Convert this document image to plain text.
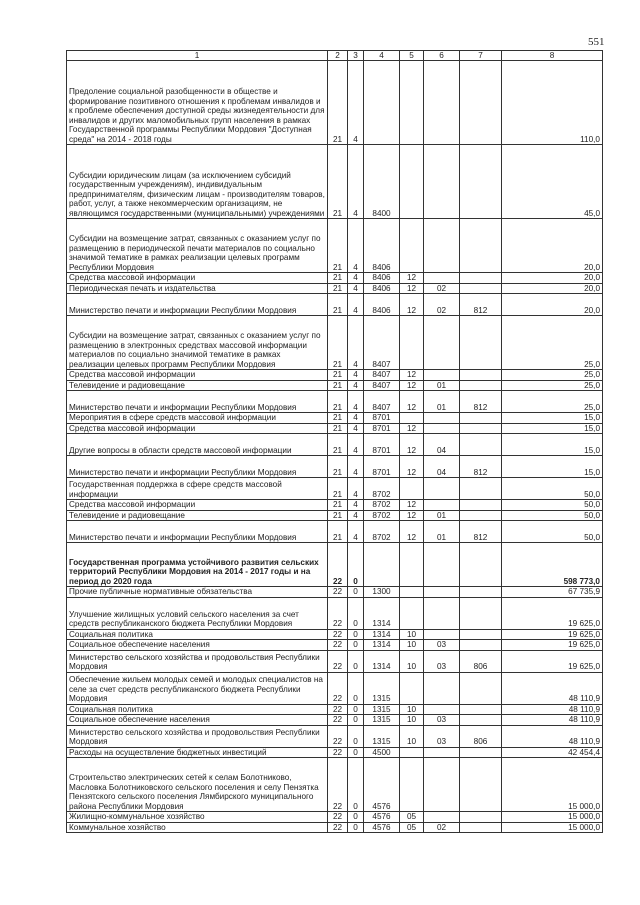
551
1	2	3	4	5	6	7	8
Предоление социальной разобщенности в обществе и формирование позитивного отношения к проблемам инвалидов и к проблеме обеспечения доступной среды жизнедеятельности для инвалидов и других маломобильных групп населения в рамках Государственной программы Республики Мордовия "Доступная среда" на 2014 - 2018 годы	21	4					110,0
Субсидии юридическим лицам (за исключением субсидий государственным учреждениям), индивидуальным предпринимателям, физическим лицам - производителям товаров, работ, услуг, а также некоммерческим организациям, не являющимся государственными (муниципальными) учреждениями	21	4	8400				45,0
Субсидии на возмещение затрат, связанных с оказанием услуг по размещению в периодической печати материалов по социально значимой тематике в рамках реализации целевых программ Республики Мордовия	21	4	8406				20,0
Средства массовой информации	21	4	8406	12			20,0
Периодическая печать и издательства	21	4	8406	12	02		20,0
Министерство печати и информации Республики Мордовия	21	4	8406	12	02	812	20,0
Субсидии на возмещение затрат, связанных с оказанием услуг по размещению в электронных средствах массовой информации материалов по социально значимой тематике в рамках реализации целевых программ Республики Мордовия	21	4	8407				25,0
Средства массовой информации	21	4	8407	12			25,0
Телевидение и радиовещание	21	4	8407	12	01		25,0
Министерство печати и информации Республики Мордовия	21	4	8407	12	01	812	25,0
Мероприятия в сфере средств массовой информации	21	4	8701				15,0
Средства массовой информации	21	4	8701	12			15,0
Другие вопросы в области средств массовой информации	21	4	8701	12	04		15,0
Министерство печати и информации Республики Мордовия	21	4	8701	12	04	812	15,0
Государственная поддержка в сфере средств массовой информации	21	4	8702				50,0
Средства массовой информации	21	4	8702	12			50,0
Телевидение и радиовещание	21	4	8702	12	01		50,0
Министерство печати и информации Республики Мордовия	21	4	8702	12	01	812	50,0
Государственная программа устойчивого развития сельских территорий Республики Мордовия на 2014 - 2017 годы и на период до 2020 года	22	0					598 773,0
Прочие публичные нормативные обязательства	22	0	1300				67 735,9
Улучшение жилищных условий сельского населения за счет средств республиканского бюджета Республики Мордовия	22	0	1314				19 625,0
Социальная политика	22	0	1314	10			19 625,0
Социальное обеспечение населения	22	0	1314	10	03		19 625,0
Министерство сельского хозяйства и продовольствия Республики Мордовия	22	0	1314	10	03	806	19 625,0
Обеспечение жильем молодых семей и молодых специалистов на селе за счет средств республиканского бюджета Республики Мордовия	22	0	1315				48 110,9
Социальная политика	22	0	1315	10			48 110,9
Социальное обеспечение населения	22	0	1315	10	03		48 110,9
Министерство сельского хозяйства и продовольствия Республики Мордовия	22	0	1315	10	03	806	48 110,9
Расходы на осуществление бюджетных инвестиций	22	0	4500				42 454,4
Строительство электрических сетей к селам Болотниково, Масловка Болотниковского сельского поселения и селу Пензятка Пензятского сельского поселения Лямбирского муниципального района Республики Мордовия	22	0	4576				15 000,0
Жилищно-коммунальное хозяйство	22	0	4576	05			15 000,0
Коммунальное хозяйство	22	0	4576	05	02		15 000,0
